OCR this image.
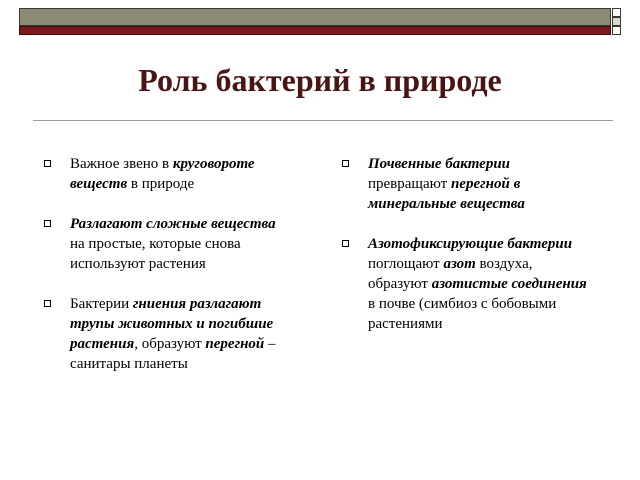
Роль бактерий в природе
Важное звено в круговороте веществ в природе
Разлагают сложные вещества на простые, которые снова используют растения
Бактерии гниения разлагают трупы животных и погибшие растения, образуют перегной – санитары планеты
Почвенные бактерии превращают перегной в минеральные вещества
Азотофиксирующие бактерии поглощают азот воздуха, образуют азотистые соединения в почве (симбиоз с бобовыми растениями
